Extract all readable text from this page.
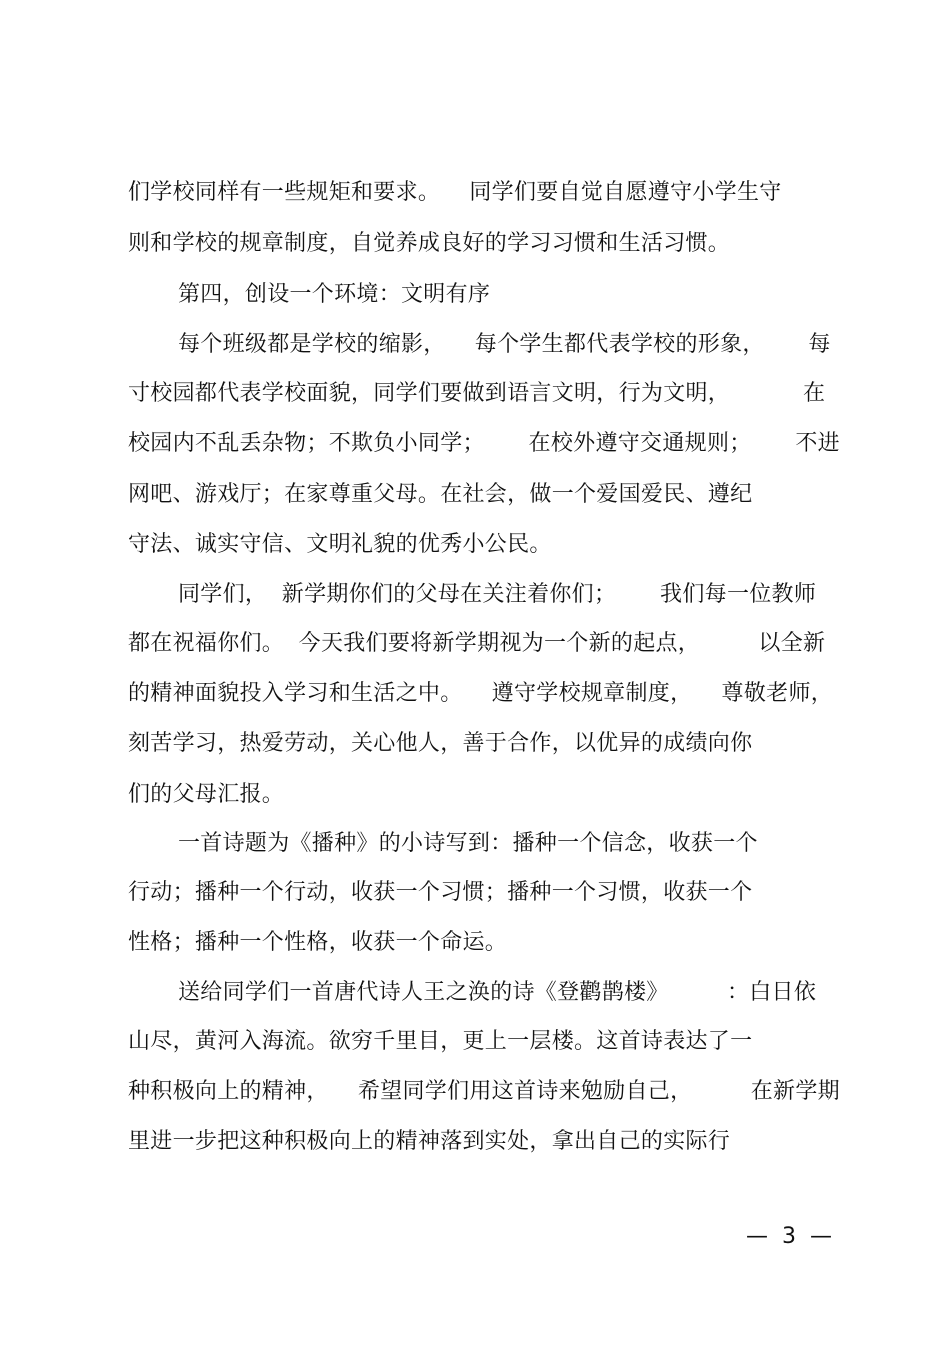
们学校同样有一些规矩和要求。    同学们要自觉自愿遵守小学生守
则和学校的规章制度，自觉养成良好的学习习惯和生活习惯。
第四，创设一个环境：文明有序
每个班级都是学校的缩影，    每个学生都代表学校的形象，      每
寸校园都代表学校面貌，同学们要做到语言文明，行为文明，          在
校园内不乱丢杂物；不欺负小同学；      在校外遵守交通规则；      不进
网吧、游戏厅；在家尊重父母。在社会，做一个爱国爱民、遵纪
守法、诚实守信、文明礼貌的优秀小公民。
同学们，  新学期你们的父母在关注着你们；      我们每一位教师
都在祝福你们。  今天我们要将新学期视为一个新的起点，        以全新
的精神面貌投入学习和生活之中。    遵守学校规章制度，    尊敬老师，
刻苦学习，热爱劳动，关心他人，善于合作，以优异的成绩向你
们的父母汇报。
一首诗题为《播种》的小诗写到：播种一个信念，收获一个
行动；播种一个行动，收获一个习惯；播种一个习惯，收获一个
性格；播种一个性格，收获一个命运。
送给同学们一首唐代诗人王之涣的诗《登鹳鹊楼》        ：白日依
山尽，黄河入海流。欲穷千里目，更上一层楼。这首诗表达了一
种积极向上的精神，    希望同学们用这首诗来勉励自己，        在新学期
里进一步把这种积极向上的精神落到实处，拿出自己的实际行
—  3  —
